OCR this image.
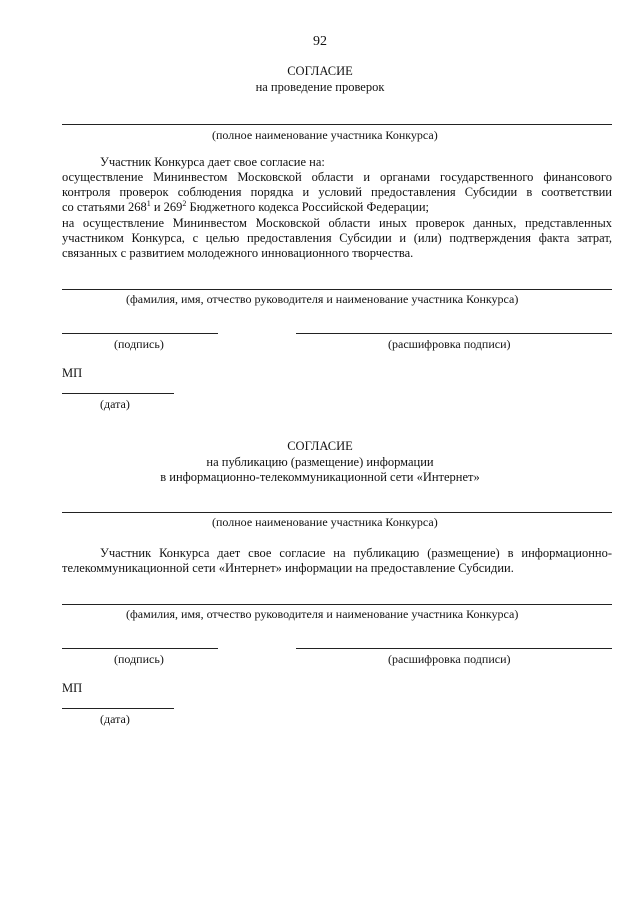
92
СОГЛАСИЕ
на проведение проверок
(полное наименование участника Конкурса)
Участник Конкурса дает свое согласие на:
осуществление Мининвестом Московской области и органами государственного финансового
контроля проверок соблюдения порядка и условий предоставления Субсидии в соответствии
со статьями $268^1$ и $269^2$ Бюджетного кодекса Российской Федерации;
на осуществление Мининвестом Московской области иных проверок данных, представленных
участником Конкурса, с целью предоставления Субсидии и (или) подтверждения факта затрат,
связанных с развитием молодежного инновационного творчества.
(фамилия, имя, отчество руководителя и наименование участника Конкурса)
(подпись)	(расшифровка подписи)
МП
(дата)
СОГЛАСИЕ
на публикацию (размещение) информации
в информационно-телекоммуникационной сети «Интернет»
(полное наименование участника Конкурса)
Участник Конкурса дает свое согласие на публикацию (размещение) в информационно-
телекоммуникационной сети «Интернет» информации на предоставление Субсидии.
(фамилия, имя, отчество руководителя и наименование участника Конкурса)
(подпись)	(расшифровка подписи)
МП
(дата)
